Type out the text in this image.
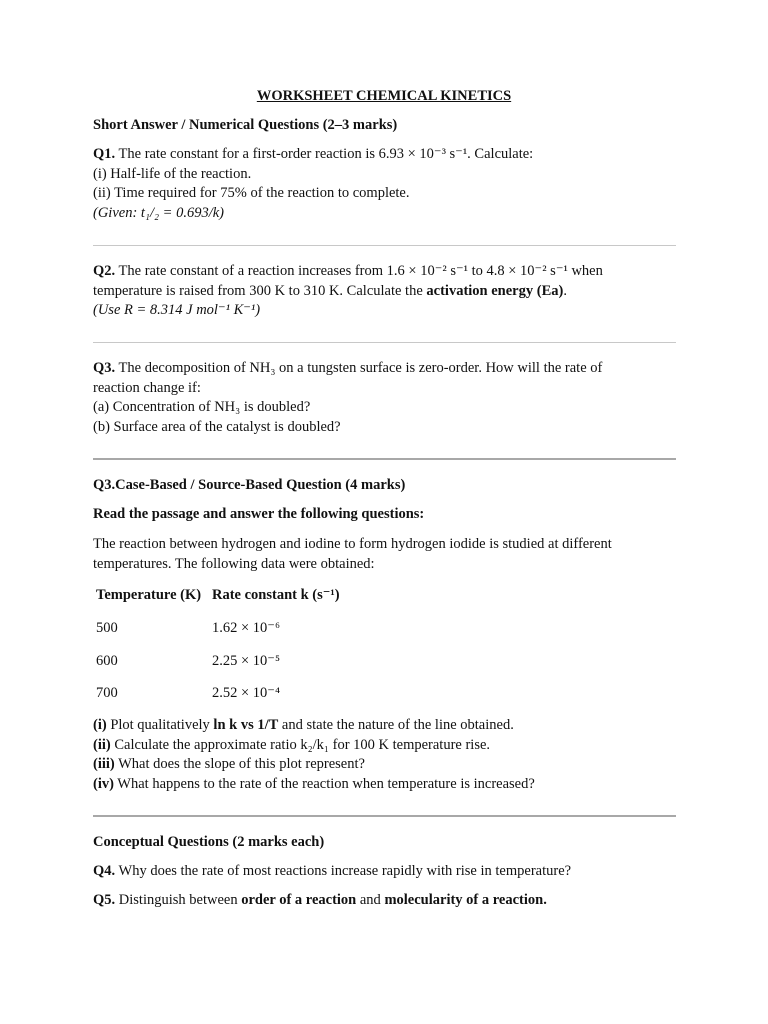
WORKSHEET CHEMICAL KINETICS
Short Answer / Numerical Questions (2–3 marks)
Q1. The rate constant for a first-order reaction is 6.93 × 10⁻³ s⁻¹. Calculate:
(i) Half-life of the reaction.
(ii) Time required for 75% of the reaction to complete.
(Given: t₁/₂ = 0.693/k)
Q2. The rate constant of a reaction increases from 1.6 × 10⁻² s⁻¹ to 4.8 × 10⁻² s⁻¹ when
temperature is raised from 300 K to 310 K. Calculate the activation energy (Ea).
(Use R = 8.314 J mol⁻¹ K⁻¹)
Q3. The decomposition of NH₃ on a tungsten surface is zero-order. How will the rate of
reaction change if:
(a) Concentration of NH₃ is doubled?
(b) Surface area of the catalyst is doubled?
Q3.Case-Based / Source-Based Question (4 marks)
Read the passage and answer the following questions:
The reaction between hydrogen and iodine to form hydrogen iodide is studied at different
temperatures. The following data were obtained:
Temperature (K) Rate constant k (s⁻¹)
500	1.62 × 10⁻⁶
600	2.25 × 10⁻⁵
700	2.52 × 10⁻⁴
(i) Plot qualitatively ln k vs 1/T and state the nature of the line obtained.
(ii) Calculate the approximate ratio k₂/k₁ for 100 K temperature rise.
(iii) What does the slope of this plot represent?
(iv) What happens to the rate of the reaction when temperature is increased?
Conceptual Questions (2 marks each)
Q4. Why does the rate of most reactions increase rapidly with rise in temperature?
Q5. Distinguish between order of a reaction and molecularity of a reaction.
